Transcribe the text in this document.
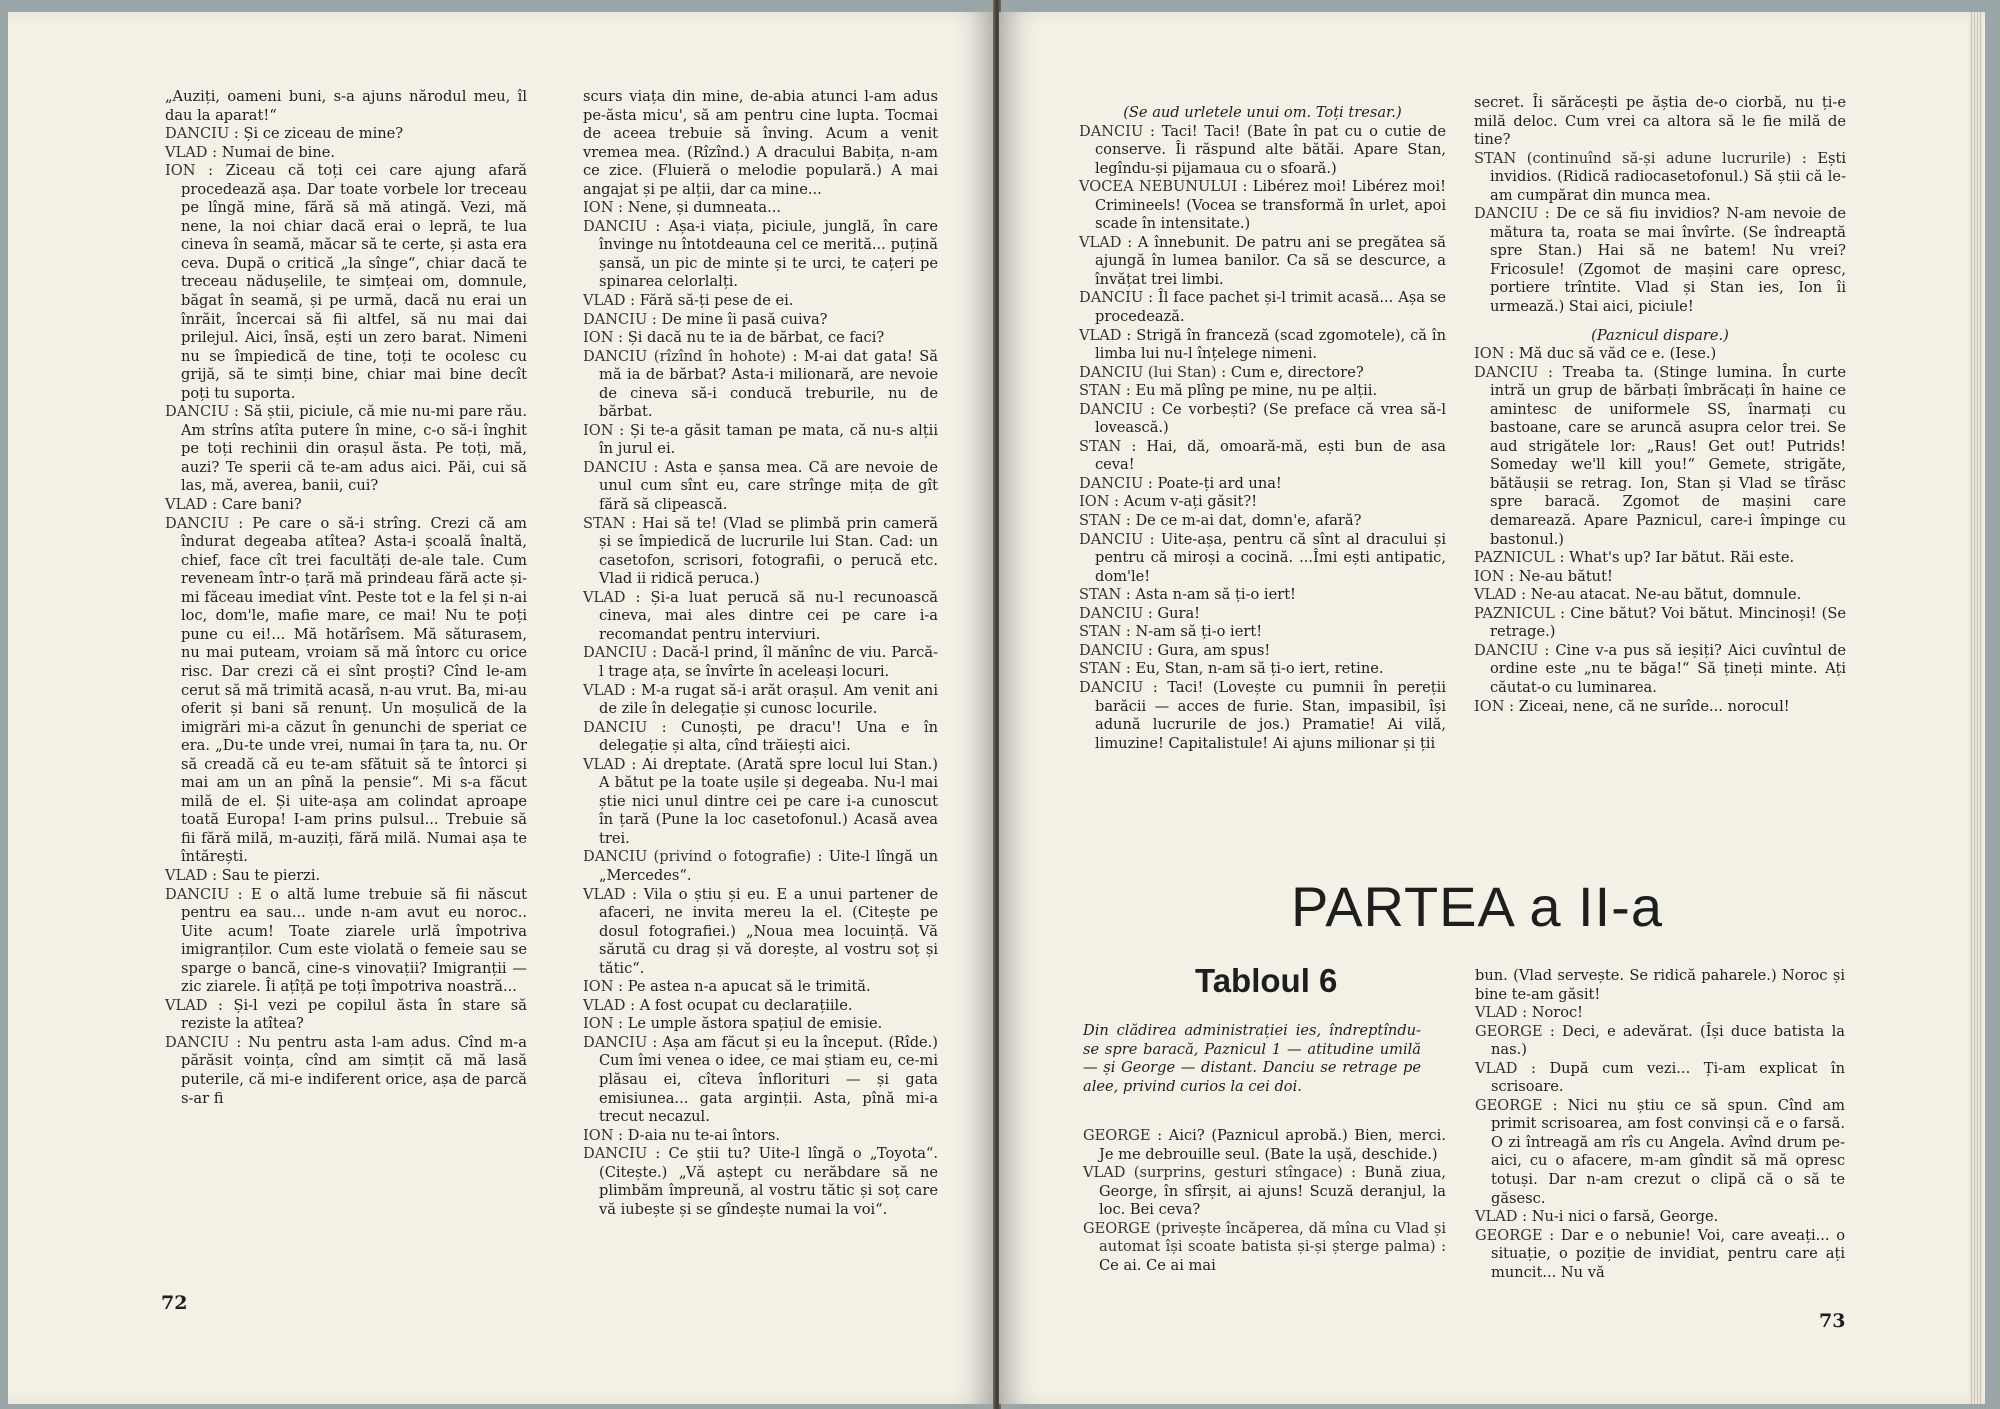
„Auziți, oameni buni, s-a ajuns nărodul meu, îl dau la aparat!“

DANCIU : Și ce ziceau de mine?

VLAD : Numai de bine.

ION : Ziceau că toți cei care ajung afară procedează așa. Dar toate vorbele lor treceau pe lîngă mine, fără să mă atingă. Vezi, mă nene, la noi chiar dacă erai o lepră, te lua cineva în seamă, măcar să te certe, și asta era ceva. După o critică „la sînge“, chiar dacă te treceau nădușelile, te simțeai om, domnule, băgat în seamă, și pe urmă, dacă nu erai un înrăit, încercai să fii altfel, să nu mai dai prilejul. Aici, însă, ești un zero barat. Nimeni nu se împiedică de tine, toți te ocolesc cu grijă, să te simți bine, chiar mai bine decît poți tu suporta.

DANCIU : Să știi, piciule, că mie nu-mi pare rău. Am strîns atîta putere în mine, c-o să-i înghit pe toți rechinii din orașul ăsta. Pe toți, mă, auzi? Te sperii că te-am adus aici. Păi, cui să las, mă, averea, banii, cui?

VLAD : Care bani?

DANCIU : Pe care o să-i strîng. Crezi că am îndurat degeaba atîtea? Asta-i școală înaltă, chief, face cît trei facultăți de-ale tale. Cum reveneam într-o țară mă prindeau fără acte și-mi făceau imediat vînt. Peste tot e la fel și n-ai loc, dom'le, mafie mare, ce mai! Nu te poți pune cu ei!... Mă hotărîsem. Mă săturasem, nu mai puteam, vroiam să mă întorc cu orice risc. Dar crezi că ei sînt proști? Cînd le-am cerut să mă trimită acasă, n-au vrut. Ba, mi-au oferit și bani să renunț. Un moșulică de la imigrări mi-a căzut în genunchi de speriat ce era. „Du-te unde vrei, numai în țara ta, nu. Or să creadă că eu te-am sfătuit să te întorci și mai am un an pînă la pensie“. Mi s-a făcut milă de el. Și uite-așa am colindat aproape toată Europa! I-am prins pulsul... Trebuie să fii fără milă, m-auziți, fără milă. Numai așa te întărești.

VLAD : Sau te pierzi.

DANCIU : E o altă lume trebuie să fii născut pentru ea sau... unde n-am avut eu noroc.. Uite acum! Toate ziarele urlă împotriva imigranților. Cum este violată o femeie sau se sparge o bancă, cine-s vinovații? Imigranții — zic ziarele. Îi ațîță pe toți împotriva noastră...

VLAD : Și-l vezi pe copilul ăsta în stare să reziste la atîtea?

DANCIU : Nu pentru asta l-am adus. Cînd m-a părăsit voința, cînd am simțit că mă lasă puterile, că mi-e indiferent orice, așa de parcă s-ar fi

scurs viața din mine, de-abia atunci l-am adus pe-ăsta micu', să am pentru cine lupta. Tocmai de aceea trebuie să înving. Acum a venit vremea mea. (Rîzînd.) A dracului Babița, n-am ce zice. (Fluieră o melodie populară.) A mai angajat și pe alții, dar ca mine...

ION : Nene, și dumneata...

DANCIU : Așa-i viața, piciule, junglă, în care învinge nu întotdeauna cel ce merită... puțină șansă, un pic de minte și te urci, te cațeri pe spinarea celorlalți.

VLAD : Fără să-ți pese de ei.

DANCIU : De mine îi pasă cuiva?

ION : Și dacă nu te ia de bărbat, ce faci?

DANCIU (rîzînd în hohote) : M-ai dat gata! Să mă ia de bărbat? Asta-i milionară, are nevoie de cineva să-i conducă treburile, nu de bărbat.

ION : Și te-a găsit taman pe mata, că nu-s alții în jurul ei.

DANCIU : Asta e șansa mea. Că are nevoie de unul cum sînt eu, care strînge mița de gît fără să clipească.

STAN : Hai să te! (Vlad se plimbă prin cameră și se împiedică de lucrurile lui Stan. Cad: un casetofon, scrisori, fotografii, o perucă etc. Vlad ii ridică peruca.)

VLAD : Și-a luat perucă să nu-l recunoască cineva, mai ales dintre cei pe care i-a recomandat pentru interviuri.

DANCIU : Dacă-l prind, îl mănînc de viu. Parcă-l trage ața, se învîrte în aceleași locuri.

VLAD : M-a rugat să-i arăt orașul. Am venit ani de zile în delegație și cunosc locurile.

DANCIU : Cunoști, pe dracu'! Una e în delegație și alta, cînd trăiești aici.

VLAD : Ai dreptate. (Arată spre locul lui Stan.) A bătut pe la toate ușile și degeaba. Nu-l mai știe nici unul dintre cei pe care i-a cunoscut în țară (Pune la loc casetofonul.) Acasă avea trei.

DANCIU (privind o fotografie) : Uite-l lîngă un „Mercedes“.

VLAD : Vila o știu și eu. E a unui partener de afaceri, ne invita mereu la el. (Citește pe dosul fotografiei.) „Noua mea locuință. Vă sărută cu drag și vă dorește, al vostru soț și tătic“.

ION : Pe astea n-a apucat să le trimită.

VLAD : A fost ocupat cu declarațiile.

ION : Le umple ăstora spațiul de emisie.

DANCIU : Așa am făcut și eu la început. (Rîde.) Cum îmi venea o idee, ce mai știam eu, ce-mi plăsau ei, cîteva înflorituri — și gata emisiunea... gata arginții. Asta, pînă mi-a trecut necazul.

ION : D-aia nu te-ai întors.

DANCIU : Ce știi tu? Uite-l lîngă o „Toyota“. (Citește.) „Vă aștept cu nerăbdare să ne plimbăm împreună, al vostru tătic și soț care vă iubește și se gîndește numai la voi“.

72

(Se aud urletele unui om. Toți tresar.)

DANCIU : Taci! Taci! (Bate în pat cu o cutie de conserve. Îi răspund alte bătăi. Apare Stan, legîndu-și pijamaua cu o sfoară.)

VOCEA NEBUNULUI : Libérez moi! Libérez moi! Crimineels! (Vocea se transformă în urlet, apoi scade în intensitate.)

VLAD : A înnebunit. De patru ani se pregătea să ajungă în lumea banilor. Ca să se descurce, a învățat trei limbi.

DANCIU : Îl face pachet și-l trimit acasă... Așa se procedează.

VLAD : Strigă în franceză (scad zgomotele), că în limba lui nu-l înțelege nimeni.

DANCIU (lui Stan) : Cum e, directore?

STAN : Eu mă plîng pe mine, nu pe alții.

DANCIU : Ce vorbești? (Se preface că vrea să-l lovească.)

STAN : Hai, dă, omoară-mă, ești bun de asa ceva!

DANCIU : Poate-ți ard una!

ION : Acum v-ați găsit?!

STAN : De ce m-ai dat, domn'e, afară?

DANCIU : Uite-așa, pentru că sînt al dracului și pentru că miroși a cocină. ...Îmi ești antipatic, dom'le!

STAN : Asta n-am să ți-o iert!

DANCIU : Gura!

STAN : N-am să ți-o iert!

DANCIU : Gura, am spus!

STAN : Eu, Stan, n-am să ți-o iert, retine.

DANCIU : Taci! (Lovește cu pumnii în pereții barăcii — acces de furie. Stan, impasibil, își adună lucrurile de jos.) Pramatie! Ai vilă, limuzine! Capitalistule! Ai ajuns milionar și ții

secret. Îi sărăcești pe ăștia de-o ciorbă, nu ți-e milă deloc. Cum vrei ca altora să le fie milă de tine?

STAN (continuînd să-și adune lucrurile) : Ești invidios. (Ridică radiocasetofonul.) Să știi că le-am cumpărat din munca mea.

DANCIU : De ce să fiu invidios? N-am nevoie de mătura ta, roata se mai învîrte. (Se îndreaptă spre Stan.) Hai să ne batem! Nu vrei? Fricosule! (Zgomot de mașini care opresc, portiere trîntite. Vlad și Stan ies, Ion îi urmează.) Stai aici, piciule!

(Paznicul dispare.)

ION : Mă duc să văd ce e. (Iese.)

DANCIU : Treaba ta. (Stinge lumina. În curte intră un grup de bărbați îmbrăcați în haine ce amintesc de uniformele SS, înarmați cu bastoane, care se aruncă asupra celor trei. Se aud strigătele lor: „Raus! Get out! Putrids! Someday we'll kill you!“ Gemete, strigăte, bătăușii se retrag. Ion, Stan și Vlad se tîrăsc spre baracă. Zgomot de mașini care demarează. Apare Paznicul, care-i împinge cu bastonul.)

PAZNICUL : What's up? Iar bătut. Răi este.

ION : Ne-au bătut!

VLAD : Ne-au atacat. Ne-au bătut, domnule.

PAZNICUL : Cine bătut? Voi bătut. Mincinoși! (Se retrage.)

DANCIU : Cine v-a pus să ieșiți? Aici cuvîntul de ordine este „nu te băga!“ Să țineți minte. Ați căutat-o cu luminarea.

ION : Ziceai, nene, că ne surîde... norocul!

PARTEA a II-a
Tabloul 6
Din clădirea administrației ies, îndreptîndu-se spre baracă, Paznicul 1 — atitudine umilă — și George — distant. Danciu se retrage pe alee, privind curios la cei doi.

GEORGE : Aici? (Paznicul aprobă.) Bien, merci. Je me debrouille seul. (Bate la ușă, deschide.)

VLAD (surprins, gesturi stîngace) : Bună ziua, George, în sfîrșit, ai ajuns! Scuză deranjul, la loc. Bei ceva?

GEORGE (privește încăperea, dă mîna cu Vlad și automat își scoate batista și-și șterge palma) : Ce ai. Ce ai mai

bun. (Vlad servește. Se ridică paharele.) Noroc și bine te-am găsit!

VLAD : Noroc!

GEORGE : Deci, e adevărat. (Își duce batista la nas.)

VLAD : După cum vezi... Ți-am explicat în scrisoare.

GEORGE : Nici nu știu ce să spun. Cînd am primit scrisoarea, am fost convinși că e o farsă. O zi întreagă am rîs cu Angela. Avînd drum pe-aici, cu o afacere, m-am gîndit să mă opresc totuși. Dar n-am crezut o clipă că o să te găsesc.

VLAD : Nu-i nici o farsă, George.

GEORGE : Dar e o nebunie! Voi, care aveați... o situație, o poziție de invidiat, pentru care ați muncit... Nu vă

73
